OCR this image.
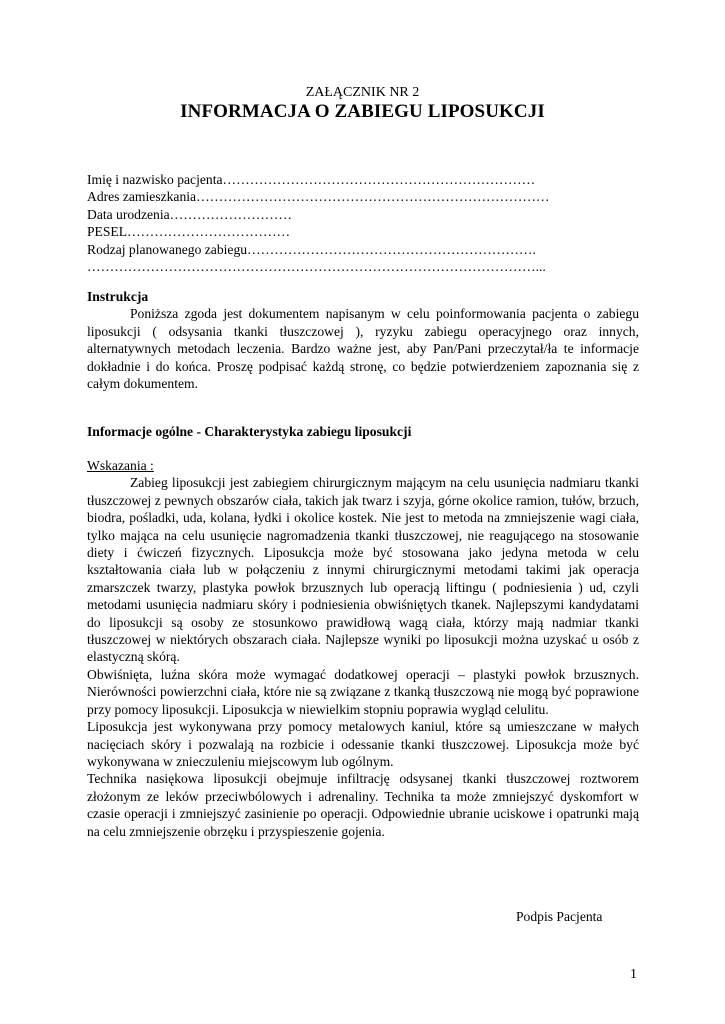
ZAŁĄCZNIK NR 2
INFORMACJA O ZABIEGU LIPOSUKCJI
Imię i nazwisko pacjenta……………………………………………………………
Adres zamieszkania……………………………………………………………………
Data urodzenia………………………
PESEL………………………………
Rodzaj planowanego zabiegu……………………………………………………….
………………………………………………………………………………………...
Instrukcja

Poniższa zgoda jest dokumentem napisanym w celu poinformowania pacjenta o zabiegu liposukcji ( odsysania tkanki tłuszczowej ), ryzyku zabiegu operacyjnego oraz innych, alternatywnych metodach leczenia. Bardzo ważne jest, aby Pan/Pani przeczytał/ła te informacje dokładnie i do końca. Proszę podpisać każdą stronę, co będzie potwierdzeniem zapoznania się z całym dokumentem.

Informacje ogólne - Charakterystyka zabiegu liposukcji
Wskazania :

Zabieg liposukcji jest zabiegiem chirurgicznym mającym na celu usunięcia nadmiaru tkanki tłuszczowej z pewnych obszarów ciała, takich jak twarz i szyja, górne okolice ramion, tułów, brzuch, biodra, pośladki, uda, kolana, łydki i okolice kostek. Nie jest to metoda na zmniejszenie wagi ciała, tylko mająca na celu usunięcie nagromadzenia tkanki tłuszczowej, nie reagującego na stosowanie diety i ćwiczeń fizycznych. Liposukcja może być stosowana jako jedyna metoda w celu kształtowania ciała lub w połączeniu z innymi chirurgicznymi metodami takimi jak operacja zmarszczek twarzy, plastyka powłok brzusznych lub operacją liftingu ( podniesienia ) ud, czyli metodami usunięcia nadmiaru skóry i podniesienia obwiśniętych tkanek. Najlepszymi kandydatami do liposukcji są osoby ze stosunkowo prawidłową wagą ciała, którzy mają nadmiar tkanki tłuszczowej w niektórych obszarach ciała. Najlepsze wyniki po liposukcji można uzyskać u osób z elastyczną skórą.

Obwiśnięta, luźna skóra może wymagać dodatkowej operacji – plastyki powłok brzusznych. Nierówności powierzchni ciała, które nie są związane z tkanką tłuszczową nie mogą być poprawione przy pomocy liposukcji. Liposukcja w niewielkim stopniu poprawia wygląd celulitu.

Liposukcja jest wykonywana przy pomocy metalowych kaniul, które są umieszczane w małych nacięciach skóry i pozwalają na rozbicie i odessanie tkanki tłuszczowej. Liposukcja może być wykonywana w znieczuleniu miejscowym lub ogólnym.

Technika nasiękowa liposukcji obejmuje infiltrację odsysanej tkanki tłuszczowej roztworem złożonym ze leków przeciwbólowych i adrenaliny. Technika ta może zmniejszyć dyskomfort w czasie operacji i zmniejszyć zasinienie po operacji. Odpowiednie ubranie uciskowe i opatrunki mają na celu zmniejszenie obrzęku i przyspieszenie gojenia.

Podpis Pacjenta
1
